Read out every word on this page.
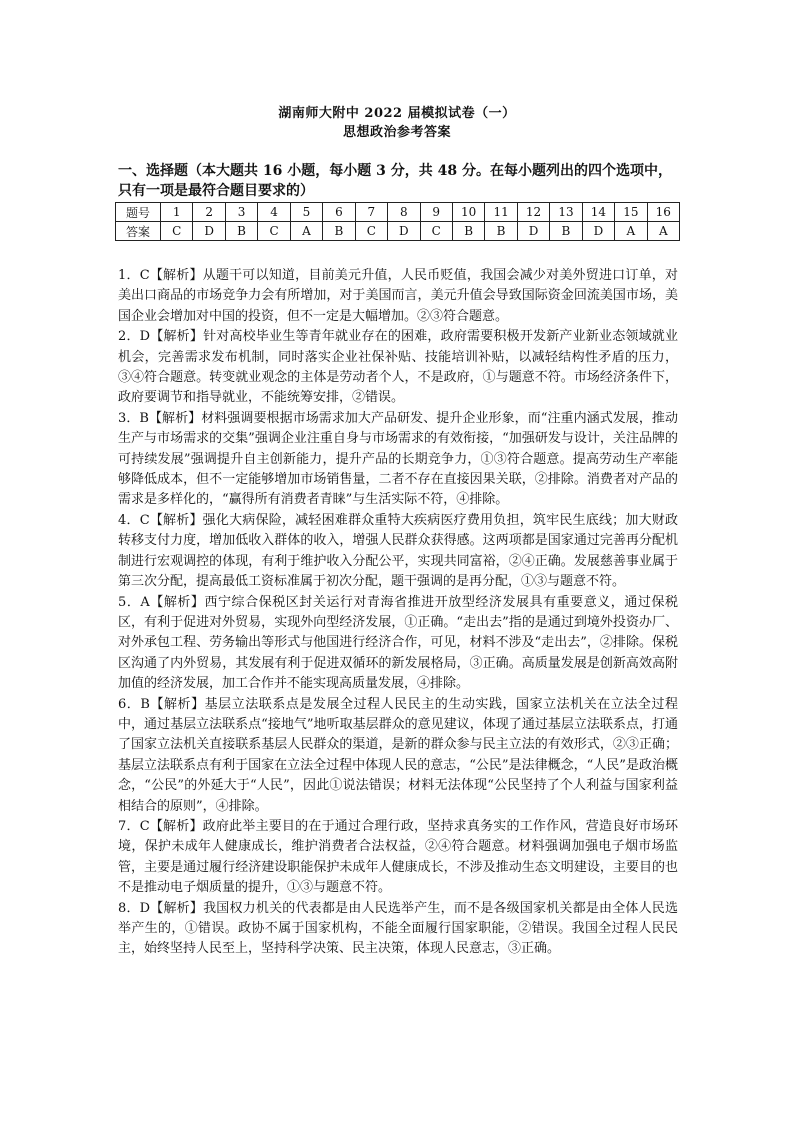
湖南师大附中 2022 届模拟试卷（一）
思想政治参考答案
一、选择题（本大题共 16 小题，每小题 3 分，共 48 分。在每小题列出的四个选项中，只有一项是最符合题目要求的）
题号	1	2	3	4	5	6	7	8	9	10	11	12	13	14	15	16
答案	C	D	B	C	A	B	C	D	C	B	B	D	B	D	A	A

1．C【解析】从题干可以知道，目前美元升值，人民币贬值，我国会减少对美外贸进口订单，对美出口商品的市场竞争力会有所增加，对于美国而言，美元升值会导致国际资金回流美国市场，美国企业会增加对中国的投资，但不一定是大幅增加。②③符合题意。

2．D【解析】针对高校毕业生等青年就业存在的困难，政府需要积极开发新产业新业态领域就业机会，完善需求发布机制，同时落实企业社保补贴、技能培训补贴，以减轻结构性矛盾的压力，③④符合题意。转变就业观念的主体是劳动者个人，不是政府，①与题意不符。市场经济条件下，政府要调节和指导就业，不能统筹安排，②错误。

3．B【解析】材料强调要根据市场需求加大产品研发、提升企业形象，而“注重内涵式发展，推动生产与市场需求的交集”强调企业注重自身与市场需求的有效衔接，“加强研发与设计，关注品牌的可持续发展”强调提升自主创新能力，提升产品的长期竞争力，①③符合题意。提高劳动生产率能够降低成本，但不一定能够增加市场销售量，二者不存在直接因果关联，②排除。消费者对产品的需求是多样化的，“赢得所有消费者青睐”与生活实际不符，④排除。

4．C【解析】强化大病保险，减轻困难群众重特大疾病医疗费用负担，筑牢民生底线；加大财政转移支付力度，增加低收入群体的收入，增强人民群众获得感。这两项都是国家通过完善再分配机制进行宏观调控的体现，有利于维护收入分配公平，实现共同富裕，②④正确。发展慈善事业属于第三次分配，提高最低工资标准属于初次分配，题干强调的是再分配，①③与题意不符。

5．A【解析】西宁综合保税区封关运行对青海省推进开放型经济发展具有重要意义，通过保税区，有利于促进对外贸易，实现外向型经济发展，①正确。“走出去”指的是通过到境外投资办厂、对外承包工程、劳务输出等形式与他国进行经济合作，可见，材料不涉及“走出去”，②排除。保税区沟通了内外贸易，其发展有利于促进双循环的新发展格局，③正确。高质量发展是创新高效高附加值的经济发展，加工合作并不能实现高质量发展，④排除。

6．B【解析】基层立法联系点是发展全过程人民民主的生动实践，国家立法机关在立法全过程中，通过基层立法联系点“接地气”地听取基层群众的意见建议，体现了通过基层立法联系点，打通了国家立法机关直接联系基层人民群众的渠道，是新的群众参与民主立法的有效形式，②③正确；基层立法联系点有利于国家在立法全过程中体现人民的意志，“公民”是法律概念，“人民”是政治概念，“公民”的外延大于“人民”，因此①说法错误；材料无法体现“公民坚持了个人利益与国家利益相结合的原则”，④排除。

7．C【解析】政府此举主要目的在于通过合理行政，坚持求真务实的工作作风，营造良好市场环境，保护未成年人健康成长，维护消费者合法权益，②④符合题意。材料强调加强电子烟市场监管，主要是通过履行经济建设职能保护未成年人健康成长，不涉及推动生态文明建设，主要目的也不是推动电子烟质量的提升，①③与题意不符。

8．D【解析】我国权力机关的代表都是由人民选举产生，而不是各级国家机关都是由全体人民选举产生的，①错误。政协不属于国家机构，不能全面履行国家职能，②错误。我国全过程人民民主，始终坚持人民至上，坚持科学决策、民主决策，体现人民意志，③正确。
